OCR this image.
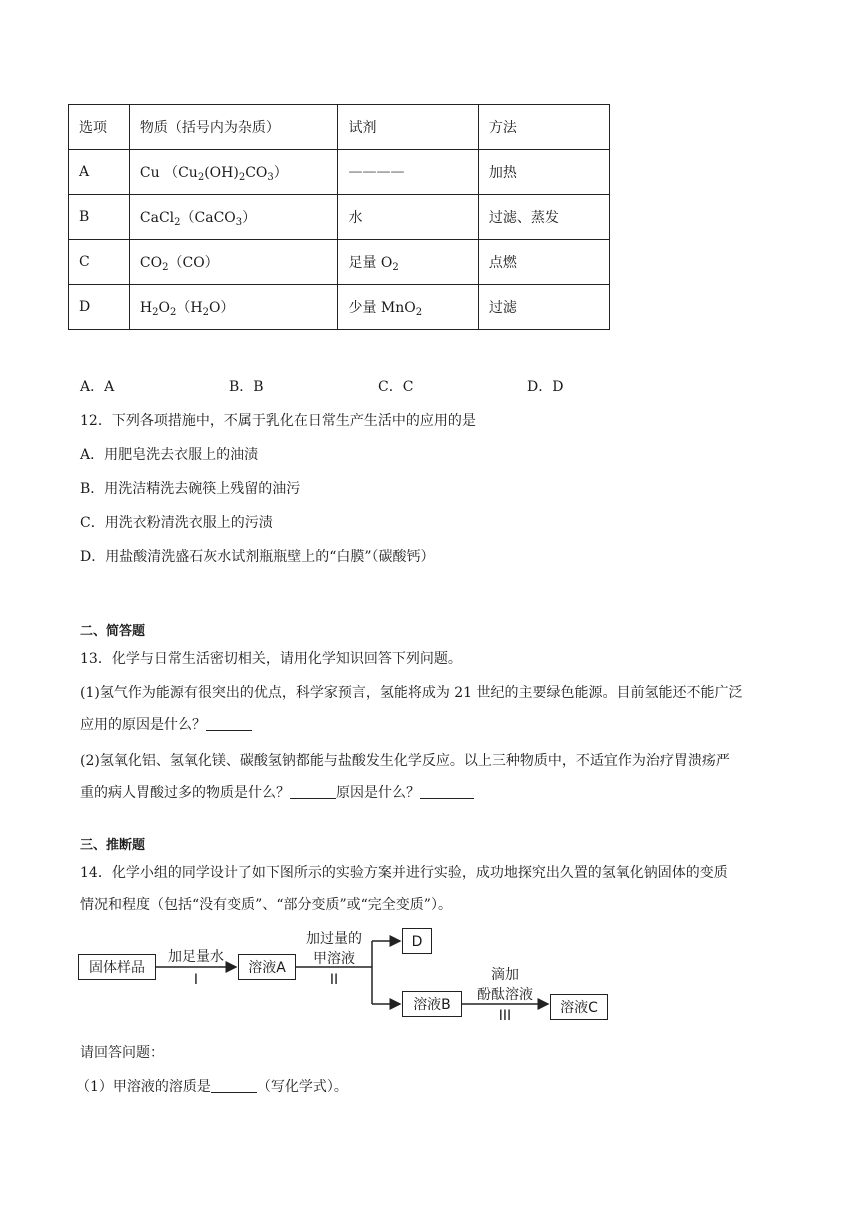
选项	物质（括号内为杂质）	试剂	方法
A	Cu $(Cu_2(OH)_2CO_3)$	————	加热
B	CaCl$_2$（CaCO$_3$）	水	过滤、蒸发
C	$CO_2(CO)$	足量 $O_2$	点燃
D	$H_2O_2(H_2O)$	少量 MnO$_2$	过滤
A．A	B．B	C．C	D．D
12．下列各项措施中，不属于乳化在日常生产生活中的应用的是
A．用肥皂洗去衣服上的油渍
B．用洗洁精洗去碗筷上残留的油污
C．用洗衣粉清洗衣服上的污渍
D．用盐酸清洗盛石灰水试剂瓶瓶壁上的“白膜”（碳酸钙）
二、简答题
13．化学与日常生活密切相关，请用化学知识回答下列问题。
(1)氢气作为能源有很突出的优点，科学家预言，氢能将成为 21 世纪的主要绿色能源。目前氢能还不能广泛
应用的原因是什么？
(2)氢氧化铝、氢氧化镁、碳酸氢钠都能与盐酸发生化学反应。以上三种物质中，不适宜作为治疗胃溃疡严
重的病人胃酸过多的物质是什么？	原因是什么？
三、推断题
14．化学小组的同学设计了如下图所示的实验方案并进行实验，成功地探究出久置的氢氧化钠固体的变质
情况和程度（包括“没有变质”、“部分变质”或“完全变质”）。
固体样品
加足量水
I
溶液A
加过量的
甲溶液
II
D
溶液B
滴加
酚酞溶液
III	溶液C
请回答问题：
（1）甲溶液的溶质是	（写化学式）。
